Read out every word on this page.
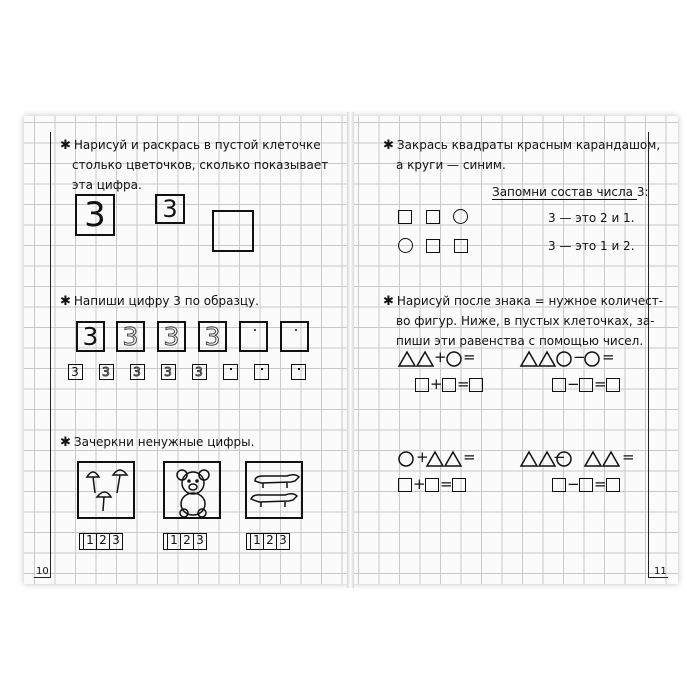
10	11
✱ Нарисуй и раскрась в пустой клеточке
столько цветочков, сколько показывает
эта цифра.
3 3
✱ Напиши цифру 3 по образцу.
3 3 3 3
3 3 3 3 3
✱ Зачеркни ненужные цифры.
1 2 3	1 2 3	1 2 3
✱ Закрась квадраты красным карандашом,
а круги — синим.
Запомни состав числа 3:
3 — это 2 и 1.
3 — это 1 и 2.
✱ Нарисуй после знака = нужное количест-
во фигур. Ниже, в пустых клеточках, за-
пиши эти равенства с помощью чисел.
+ =
+ =
− =
− =
+ =
+ =
−	=
− =
